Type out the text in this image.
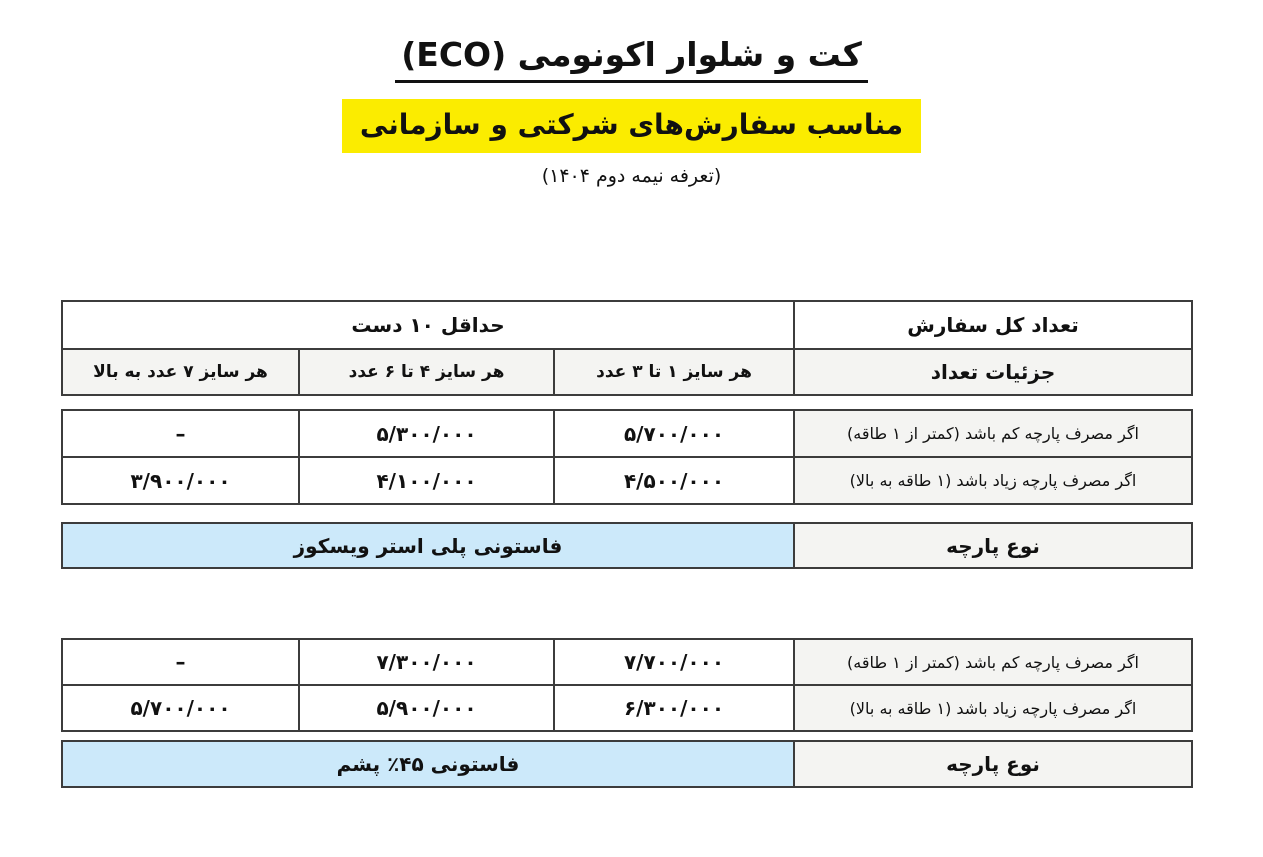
کت و شلوار اکونومی (ECO)
مناسب سفارش‌های شرکتی و سازمانی
(تعرفه نیمه دوم ۱۴۰۴)
تعداد کل سفارش	حداقل ۱۰ دست		
جزئیات تعداد	هر سایز ۱ تا ۳ عدد	هر سایز ۴ تا ۶ عدد	هر سایز ۷ عدد به بالا
اگر مصرف پارچه کم باشد (کمتر از ۱ طاقه)	۵/۷۰۰/۰۰۰	۵/۳۰۰/۰۰۰	–
اگر مصرف پارچه زیاد باشد (۱ طاقه به بالا)	۴/۵۰۰/۰۰۰	۴/۱۰۰/۰۰۰	۳/۹۰۰/۰۰۰
نوع پارچه	فاستونی پلی استر ویسکوز
اگر مصرف پارچه کم باشد (کمتر از ۱ طاقه)	۷/۷۰۰/۰۰۰	۷/۳۰۰/۰۰۰	–
اگر مصرف پارچه زیاد باشد (۱ طاقه به بالا)	۶/۳۰۰/۰۰۰	۵/۹۰۰/۰۰۰	۵/۷۰۰/۰۰۰
نوع پارچه	فاستونی ۴۵٪ پشم
